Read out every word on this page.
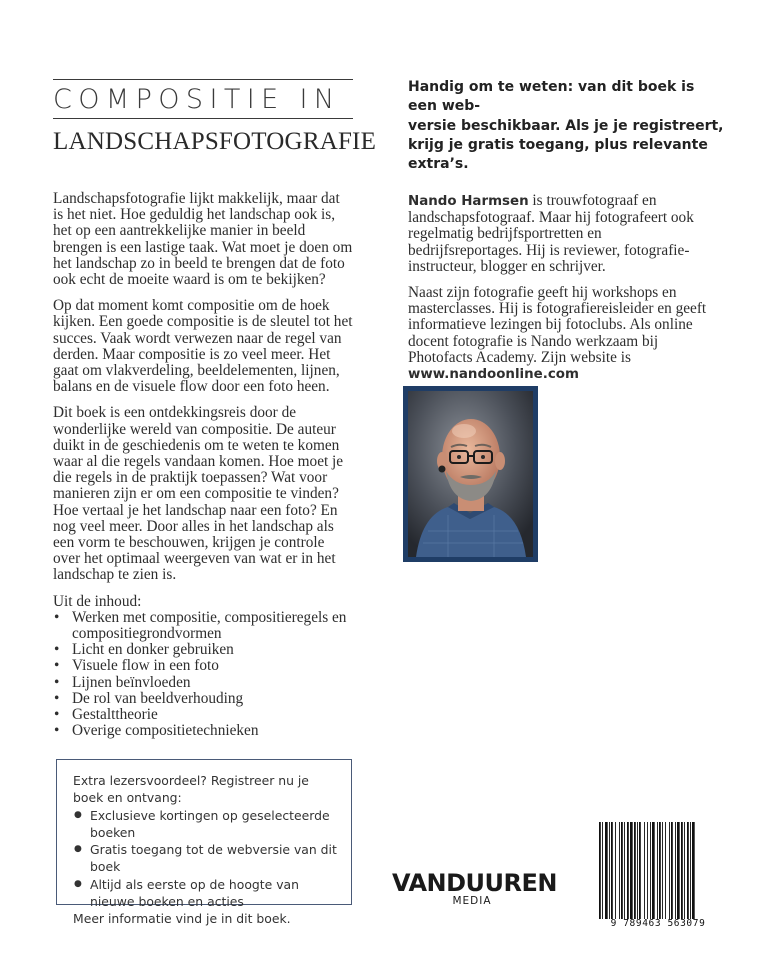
COMPOSITIE IN
LANDSCHAPSFOTOGRAFIE
Handig om te weten: van dit boek is een web-
versie beschikbaar. Als je je registreert,
krijg je gratis toegang, plus relevante extra’s.

Landschapsfotografie lijkt makkelijk, maar dat is het niet. Hoe geduldig het landschap ook is, het op een aantrekkelijke manier in beeld brengen is een lastige taak. Wat moet je doen om het landschap zo in beeld te brengen dat de foto ook echt de moeite waard is om te bekijken?

Op dat moment komt compositie om de hoek kijken. Een goede compositie is de sleutel tot het succes. Vaak wordt verwezen naar de regel van derden. Maar compositie is zo veel meer. Het gaat om vlakverdeling, beeldelementen, lijnen, balans en de visuele flow door een foto heen.

Dit boek is een ontdekkingsreis door de wonderlijke wereld van compositie. De auteur duikt in de geschiedenis om te weten te komen waar al die regels vandaan komen. Hoe moet je die regels in de praktijk toepassen? Wat voor manieren zijn er om een compositie te vinden? Hoe vertaal je het landschap naar een foto? En nog veel meer. Door alles in het landschap als een vorm te beschouwen, krijgen je controle over het optimaal weergeven van wat er in het landschap te zien is.

Uit de inhoud:
• Werken met compositie, compositieregels en compositiegrondvormen
• Licht en donker gebruiken
• Visuele flow in een foto
• Lijnen beïnvloeden
• De rol van beeldverhouding
• Gestalttheorie
• Overige compositietechnieken

Nando Harmsen is trouwfotograaf en landschapsfotograaf. Maar hij fotografeert ook regelmatig bedrijfsportretten en bedrijfsreportages. Hij is reviewer, fotografie-instructeur, blogger en schrijver.

Naast zijn fotografie geeft hij workshops en masterclasses. Hij is fotografiereisleider en geeft informatieve lezingen bij fotoclubs. Als online docent fotografie is Nando werkzaam bij Photofacts Academy. Zijn website is www.nandoonline.com

Extra lezersvoordeel? Registreer nu je boek en ontvang:
● Exclusieve kortingen op geselecteerde boeken
● Gratis toegang tot de webversie van dit boek
● Altijd als eerste op de hoogte van nieuwe boeken en acties
Meer informatie vind je in dit boek.
VANDUUREN
MEDIA
9 789463 563079
